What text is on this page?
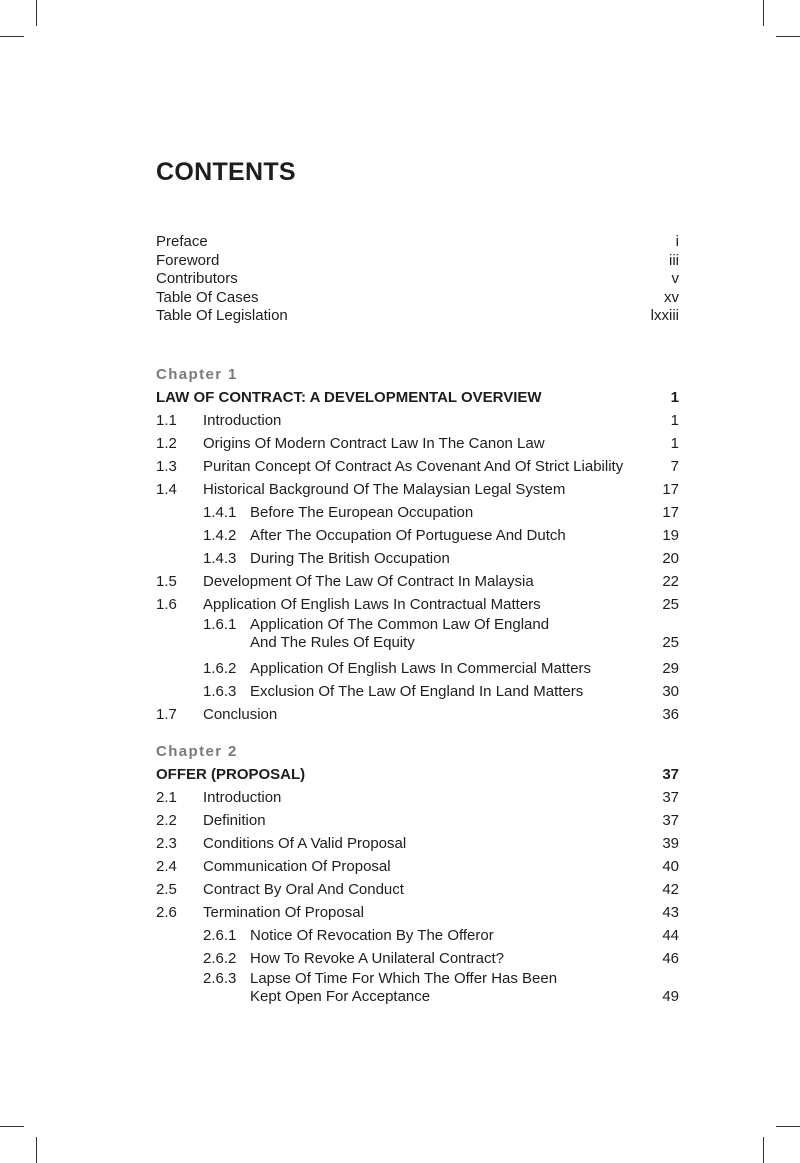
CONTENTS
Preface	i
Foreword	iii
Contributors	v
Table Of Cases	xv
Table Of Legislation	lxxiii
Chapter 1
LAW OF CONTRACT: A DEVELOPMENTAL OVERVIEW	1
1.1	Introduction	1
1.2	Origins Of Modern Contract Law In The Canon Law	1
1.3	Puritan Concept Of Contract As Covenant And Of Strict Liability	7
1.4	Historical Background Of The Malaysian Legal System	17
1.4.1 Before The European Occupation	17
1.4.2 After The Occupation Of Portuguese And Dutch	19
1.4.3 During The British Occupation	20
1.5	Development Of The Law Of Contract In Malaysia	22
1.6	Application Of English Laws In Contractual Matters	25
1.6.1 Application Of The Common Law Of England
And The Rules Of Equity	25
1.6.2 Application Of English Laws In Commercial Matters	29
1.6.3 Exclusion Of The Law Of England In Land Matters	30
1.7	Conclusion	36
Chapter 2
OFFER (PROPOSAL)	37
2.1	Introduction	37
2.2	Definition	37
2.3	Conditions Of A Valid Proposal	39
2.4	Communication Of Proposal	40
2.5	Contract By Oral And Conduct	42
2.6	Termination Of Proposal	43
2.6.1 Notice Of Revocation By The Offeror	44
2.6.2 How To Revoke A Unilateral Contract?	46
2.6.3 Lapse Of Time For Which The Offer Has Been
Kept Open For Acceptance	49
